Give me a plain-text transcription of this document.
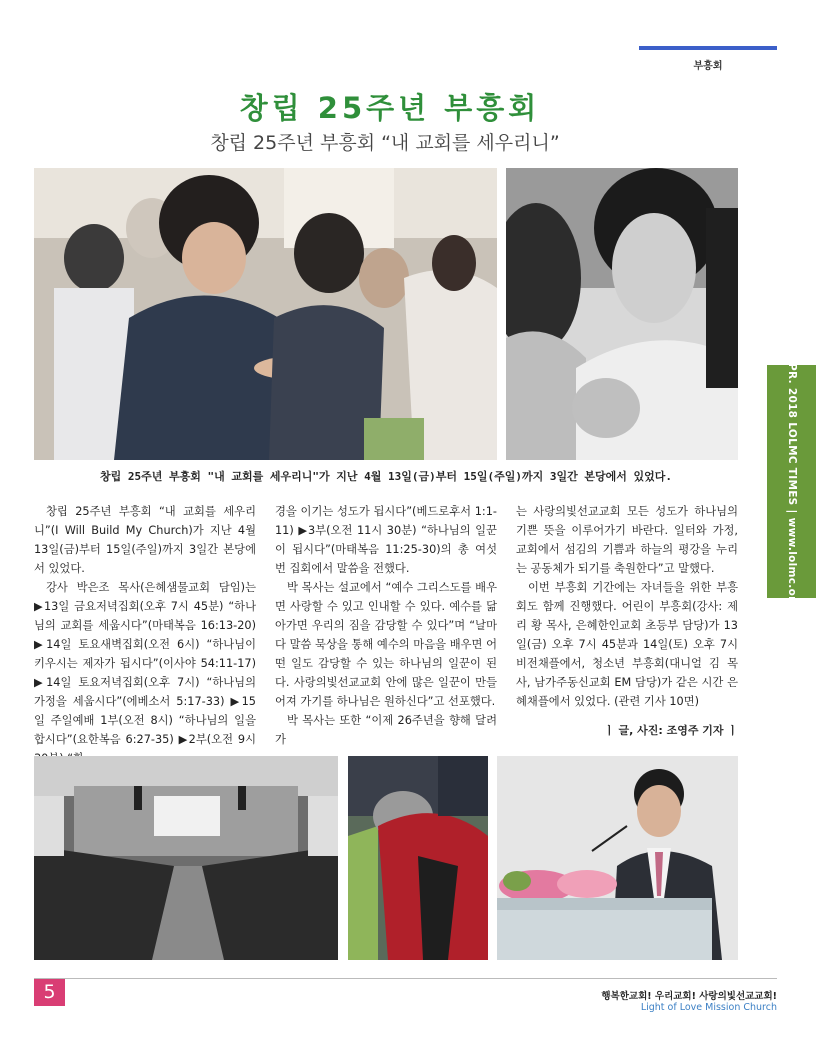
부흥회
창립 25주년 부흥회
창립 25주년 부흥회 “내 교회를 세우리니”
창립 25주년 부흥회 "내 교회를 세우리니"가 지난 4월 13일(금)부터 15일(주일)까지 3일간 본당에서 있었다.

창립 25주년 부흥회 “내 교회를 세우리니”(I Will Build My Church)가 지난 4월 13일(금)부터 15일(주일)까지 3일간 본당에서 있었다.

강사 박은조 목사(은혜샘물교회 담임)는 ▶13일 금요저녁집회(오후 7시 45분) “하나님의 교회를 세웁시다”(마태복음 16:13-20) ▶14일 토요새벽집회(오전 6시) “하나님이 키우시는 제자가 됩시다”(이사야 54:11-17) ▶14일 토요저녁집회(오후 7시) “하나님의 가정을 세웁시다”(에베소서 5:17-33) ▶15일 주일예배 1부(오전 8시) “하나님의 일을 합시다”(요한복음 6:27-35) ▶2부(오전 9시

경을 이기는 성도가 됩시다”(베드로후서 1:1-11) ▶3부(오전 11시 30분) “하나님의 일꾼이 됩시다”(마태복음 11:25-30)의 총 여섯 번 집회에서 말씀을 전했다.

박 목사는 설교에서 “예수 그리스도를 배우면 사랑할 수 있고 인내할 수 있다. 예수를 닮아가면 우리의 짐을 감당할 수 있다”며 “날마다 말씀 묵상을 통해 예수의 마음을 배우면 어떤 일도 감당할 수 있는 하나님의 일꾼이 된다. 사랑의빛선교교회 안에 많은 일꾼이 만들어져 가기를 하나님은 원하신다”고 선포했다.

박 목사는 또한 “이제 26주년을 향해 달려가

는 사랑의빛선교교회 모든 성도가 하나님의 기쁜 뜻을 이루어가기 바란다. 일터와 가정, 교회에서 섬김의 기쁨과 하늘의 평강을 누리는 공동체가 되기를 축원한다”고 말했다.

이번 부흥회 기간에는 자녀들을 위한 부흥회도 함께 진행했다. 어린이 부흥회(강사: 제리 황 목사, 은혜한인교회 초등부 담당)가 13일(금) 오후 7시 45분과 14일(토) 오후 7시 비전채플에서, 청소년 부흥회(대니얼 김 목사, 남가주동신교회 EM 담당)가 같은 시간 은혜채플에서 있었다. (관련 기사 10면)

ㅣ 글, 사진: 조영주 기자 ㅣ
APR. 2018 LOLMC TIMES | www.lolmc.org
5	행복한교회! 우리교회! 사랑의빛선교교회!
Light of Love Mission Church
